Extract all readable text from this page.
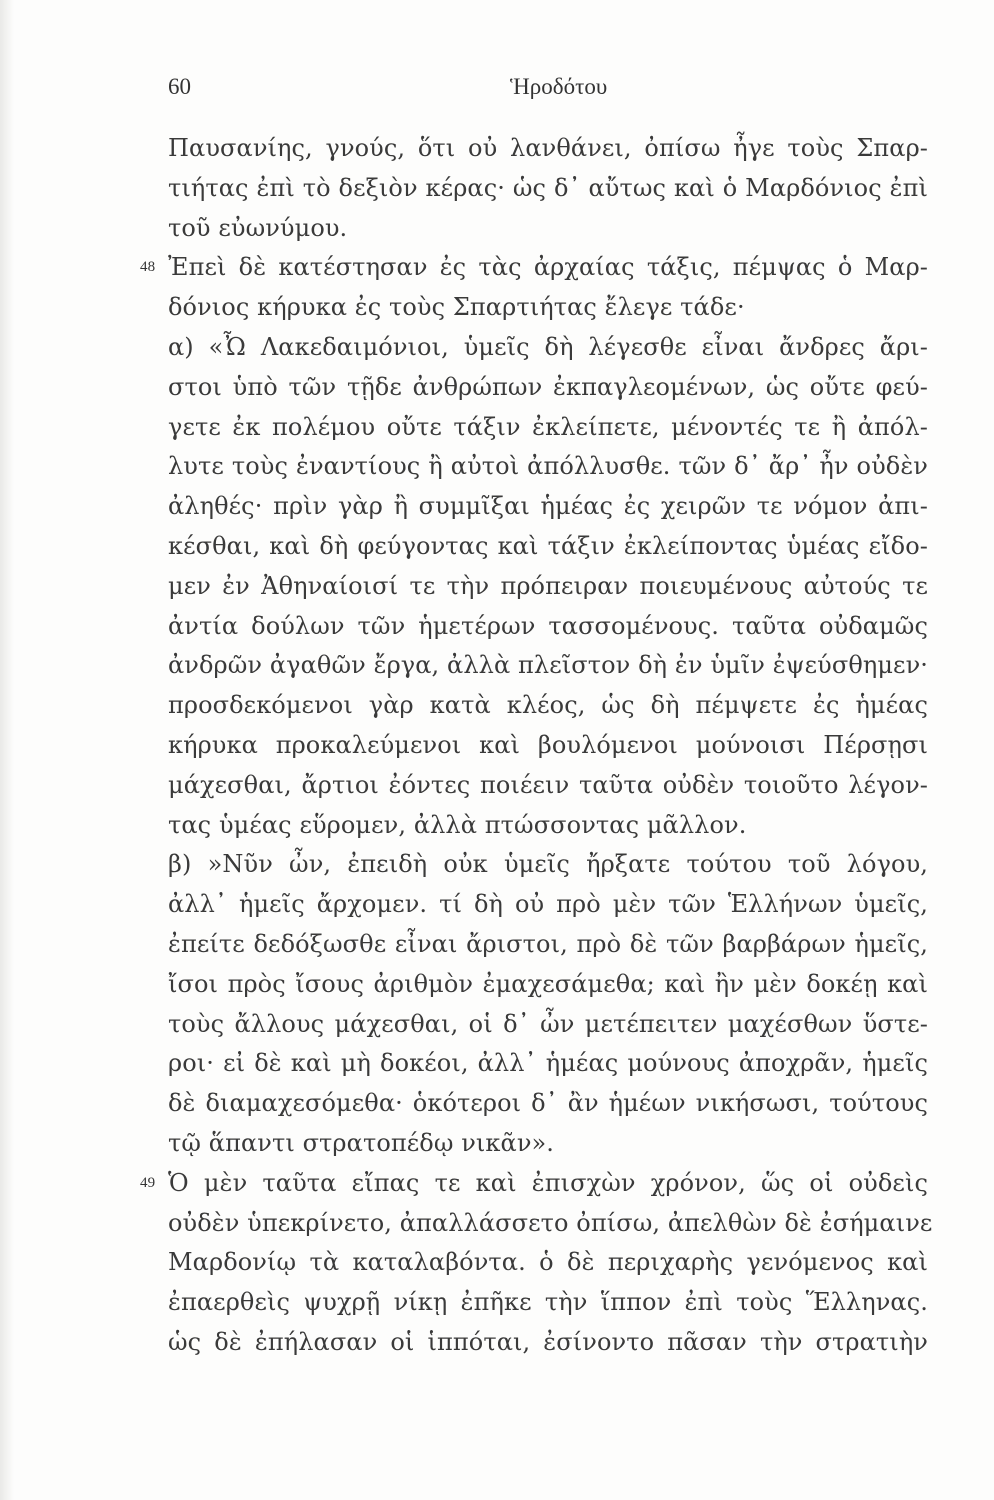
60	Ἡροδότου
Παυσανίης, γνούς, ὅτι οὐ λανθάνει, ὀπίσω ἦγε τοὺς Σπαρ-
τιήτας ἐπὶ τὸ δεξιὸν κέρας· ὡς δ᾽ αὔτως καὶ ὁ Μαρδόνιος ἐπὶ
τοῦ εὐωνύμου.
48 Ἐπεὶ δὲ κατέστησαν ἐς τὰς ἀρχαίας τάξις, πέμψας ὁ Μαρ-
δόνιος κήρυκα ἐς τοὺς Σπαρτιήτας ἔλεγε τάδε·
α) «Ὦ Λακεδαιμόνιοι, ὑμεῖς δὴ λέγεσθε εἶναι ἄνδρες ἄρι-
στοι ὑπὸ τῶν τῇδε ἀνθρώπων ἐκπαγλεομένων, ὡς οὔτε φεύ-
γετε ἐκ πολέμου οὔτε τάξιν ἐκλείπετε, μένοντές τε ἢ ἀπόλ-
λυτε τοὺς ἐναντίους ἢ αὐτοὶ ἀπόλλυσθε. τῶν δ᾽ ἄρ᾽ ἦν οὐδὲν
ἀληθές· πρὶν γὰρ ἢ συμμῖξαι ἡμέας ἐς χειρῶν τε νόμον ἀπι-
κέσθαι, καὶ δὴ φεύγοντας καὶ τάξιν ἐκλείποντας ὑμέας εἴδο-
μεν ἐν Ἀθηναίοισί τε τὴν πρόπειραν ποιευμένους αὐτούς τε
ἀντία δούλων τῶν ἡμετέρων τασσομένους. ταῦτα οὐδαμῶς
ἀνδρῶν ἀγαθῶν ἔργα, ἀλλὰ πλεῖστον δὴ ἐν ὑμῖν ἐψεύσθημεν·
προσδεκόμενοι γὰρ κατὰ κλέος, ὡς δὴ πέμψετε ἐς ἡμέας
κήρυκα προκαλεύμενοι καὶ βουλόμενοι μούνοισι Πέρσῃσι
μάχεσθαι, ἄρτιοι ἐόντες ποιέειν ταῦτα οὐδὲν τοιοῦτο λέγον-
τας ὑμέας εὕρομεν, ἀλλὰ πτώσσοντας μᾶλλον.
β) »Νῦν ὦν, ἐπειδὴ οὐκ ὑμεῖς ἤρξατε τούτου τοῦ λόγου,
ἀλλ᾽ ἡμεῖς ἄρχομεν. τί δὴ οὐ πρὸ μὲν τῶν Ἑλλήνων ὑμεῖς,
ἐπείτε δεδόξωσθε εἶναι ἄριστοι, πρὸ δὲ τῶν βαρβάρων ἡμεῖς,
ἴσοι πρὸς ἴσους ἀριθμὸν ἐμαχεσάμεθα; καὶ ἢν μὲν δοκέῃ καὶ
τοὺς ἄλλους μάχεσθαι, οἱ δ᾽ ὦν μετέπειτεν μαχέσθων ὕστε-
ροι· εἰ δὲ καὶ μὴ δοκέοι, ἀλλ᾽ ἡμέας μούνους ἀποχρᾶν, ἡμεῖς
δὲ διαμαχεσόμεθα· ὁκότεροι δ᾽ ἂν ἡμέων νικήσωσι, τούτους
τῷ ἅπαντι στρατοπέδῳ νικᾶν».
49 Ὁ μὲν ταῦτα εἴπας τε καὶ ἐπισχὼν χρόνον, ὥς οἱ οὐδεὶς
οὐδὲν ὑπεκρίνετο, ἀπαλλάσσετο ὀπίσω, ἀπελθὼν δὲ ἐσήμαινε
Μαρδονίῳ τὰ καταλαβόντα. ὁ δὲ περιχαρὴς γενόμενος καὶ
ἐπαερθεὶς ψυχρῇ νίκῃ ἐπῆκε τὴν ἵππον ἐπὶ τοὺς Ἕλληνας.
ὡς δὲ ἐπήλασαν οἱ ἱππόται, ἐσίνοντο πᾶσαν τὴν στρατιὴν
